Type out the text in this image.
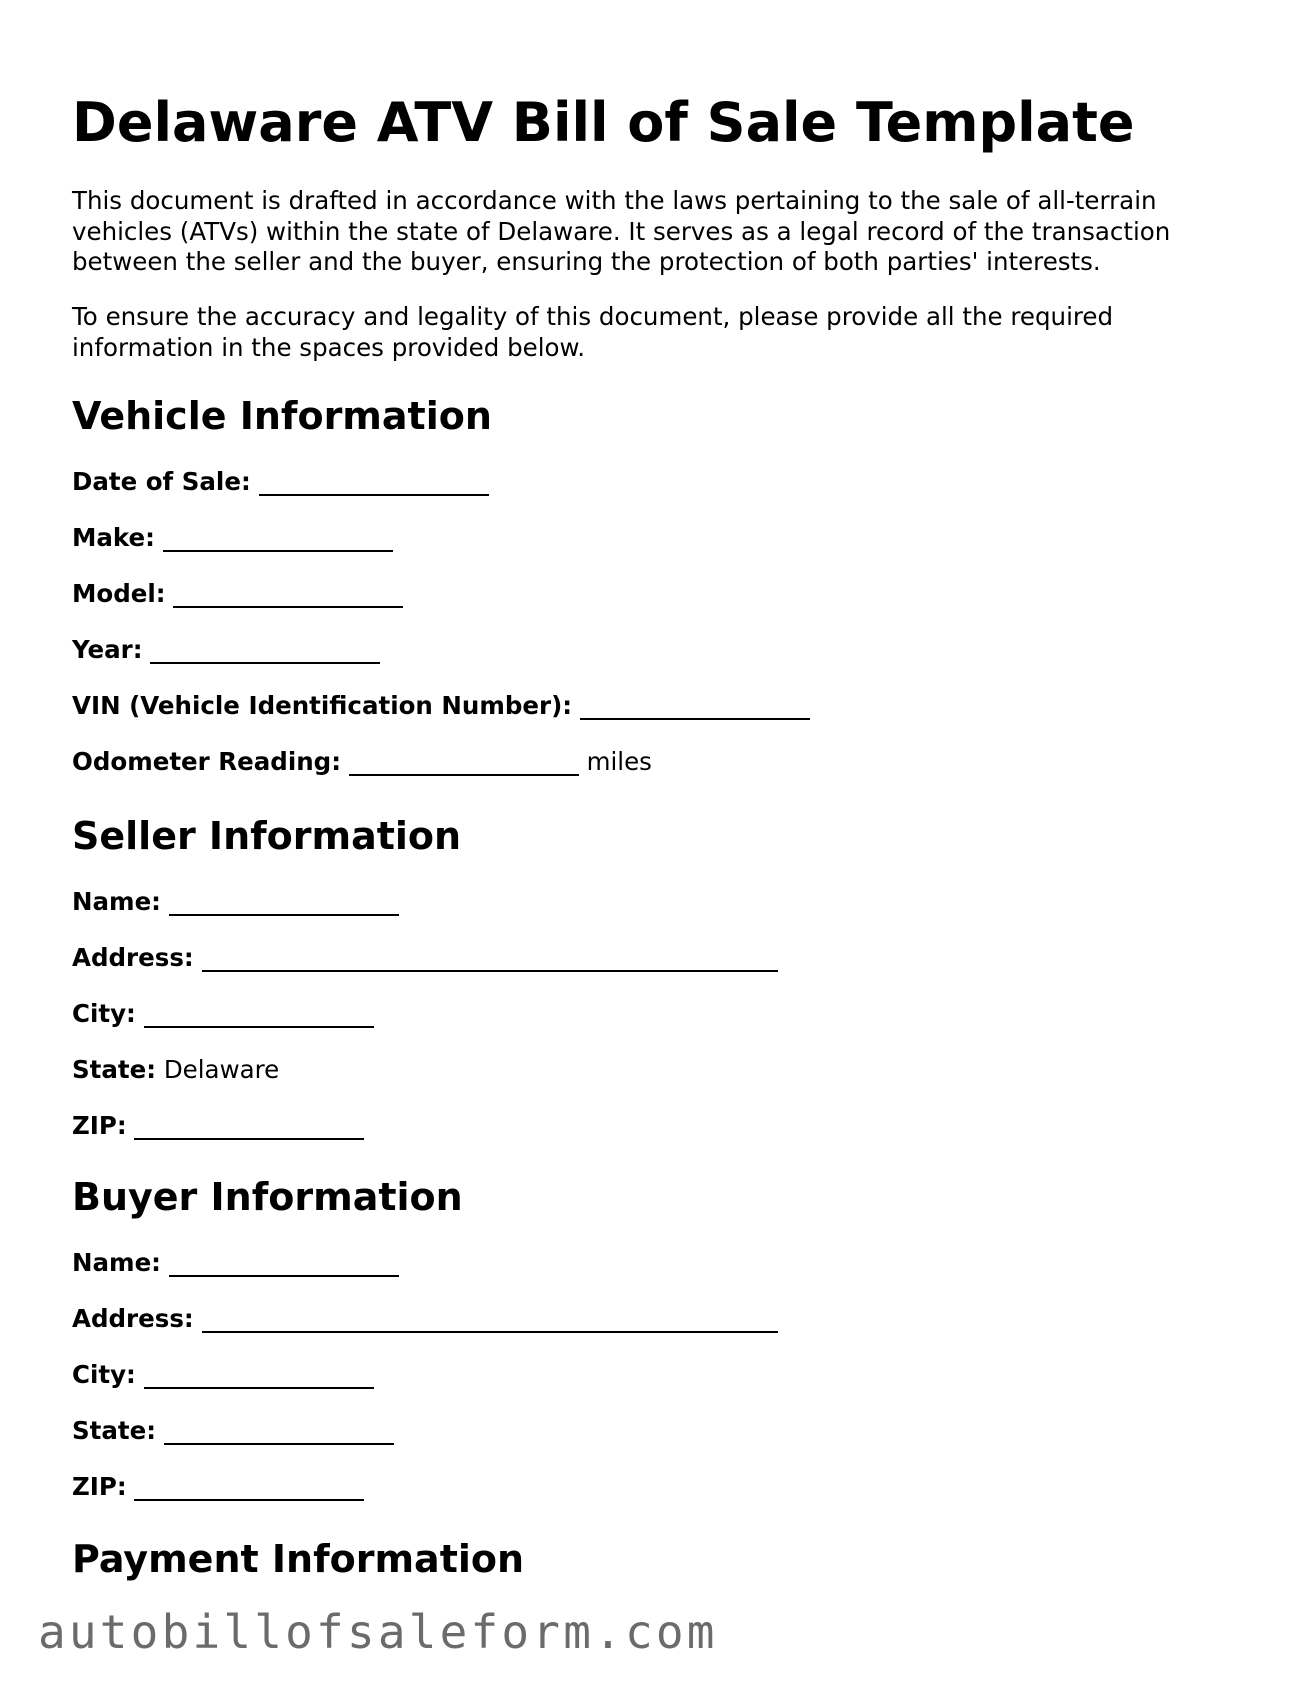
Delaware ATV Bill of Sale Template

This document is drafted in accordance with the laws pertaining to the sale of all-terrain vehicles (ATVs) within the state of Delaware. It serves as a legal record of the transaction between the seller and the buyer, ensuring the protection of both parties' interests.

To ensure the accuracy and legality of this document, please provide all the required information in the spaces provided below.

Vehicle Information

Date of Sale:

Make:

Model:

Year:

VIN (Vehicle Identification Number):

Odometer Reading:	miles

Seller Information

Name:

Address:

City:

State: Delaware

ZIP:

Buyer Information

Name:

Address:

City:

State:

ZIP:

Payment Information

autobillofsaleform.com
